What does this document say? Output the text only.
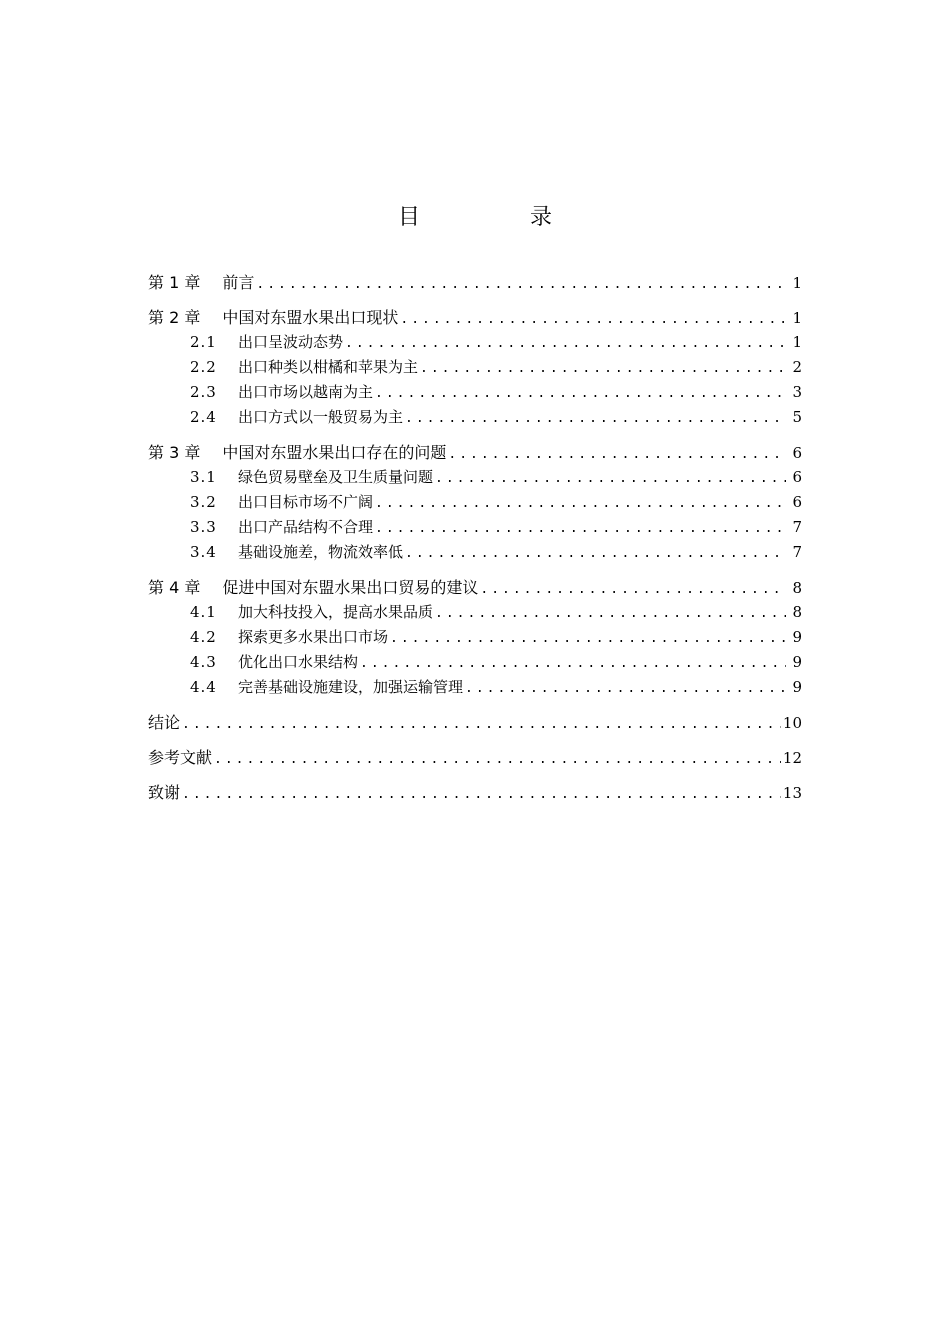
目　录
第 1 章 前言 .....	1
第 2 章 中国对东盟水果出口现状 .....	1
2.1	出口呈波动态势 .....	1
2.2	出口种类以柑橘和苹果为主 .....	2
2.3	出口市场以越南为主 .....	3
2.4	出口方式以一般贸易为主 .....	5
第 3 章 中国对东盟水果出口存在的问题 .....	6
3.1	绿色贸易壁垒及卫生质量问题 .....	6
3.2	出口目标市场不广阔 .....	6
3.3	出口产品结构不合理 .....	7
3.4	基础设施差，物流效率低 .....	7
第 4 章 促进中国对东盟水果出口贸易的建议 .....	8
4.1	加大科技投入，提高水果品质 .....	8
4.2	探索更多水果出口市场 .....	9
4.3	优化出口水果结构 .....	9
4.4	完善基础设施建设，加强运输管理 .....	9
结论 .....	10
参考文献 .....	12
致谢 .....	13
